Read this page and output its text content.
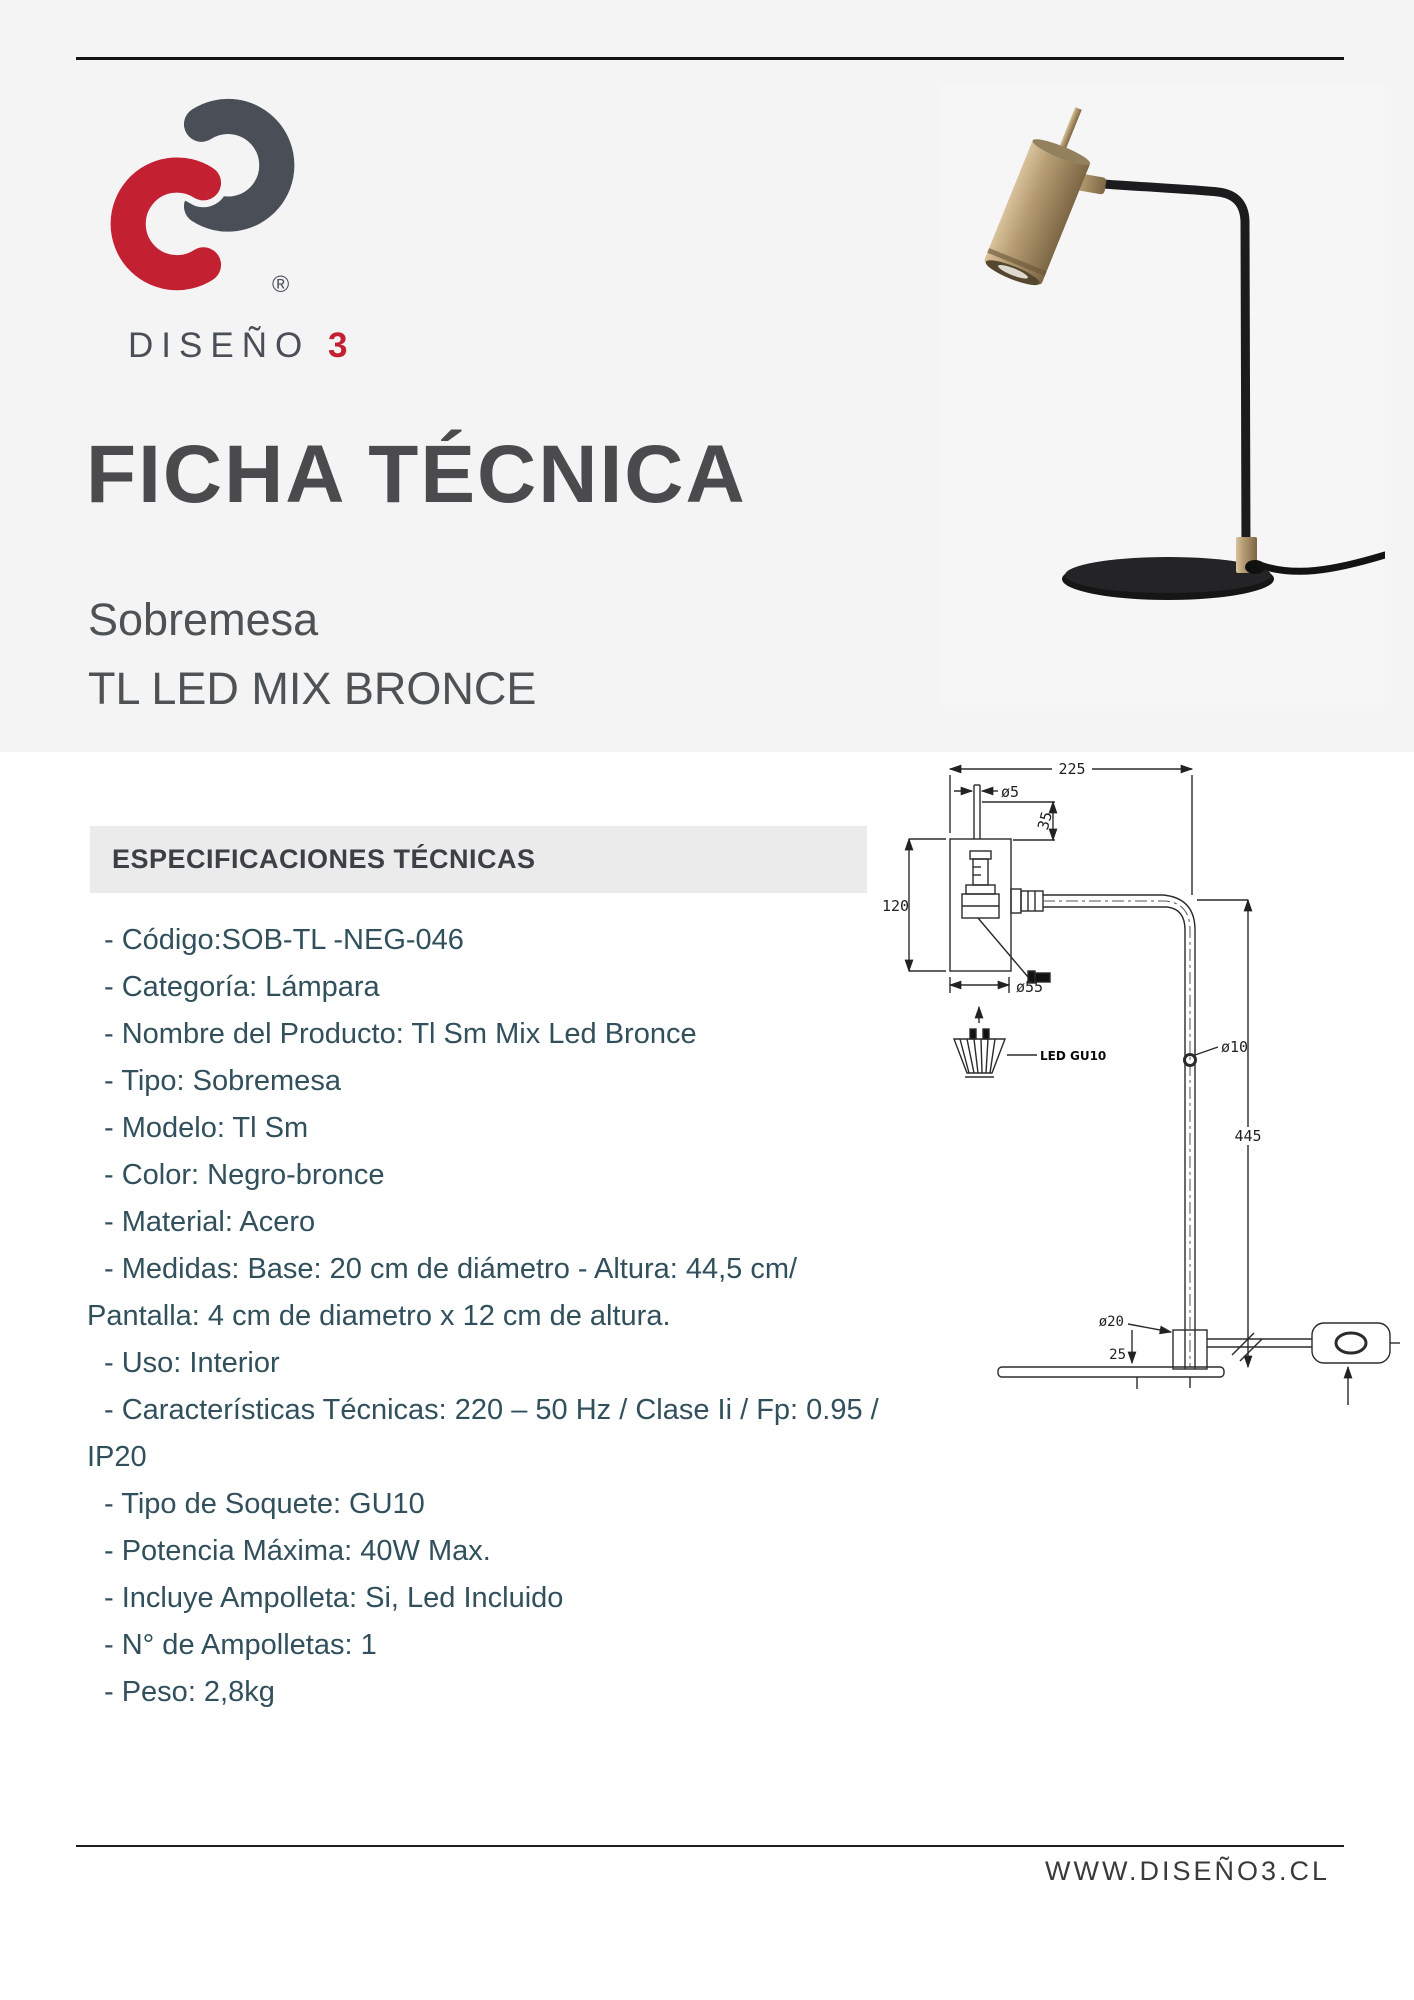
®
DISEÑO 3
FICHA TÉCNICA
Sobremesa
TL LED MIX BRONCE
ESPECIFICACIONES TÉCNICAS
- Código:SOB-TL -NEG-046
- Categoría: Lámpara
- Nombre del Producto: Tl Sm Mix Led Bronce
- Tipo: Sobremesa
- Modelo: Tl Sm
- Color: Negro-bronce
- Material: Acero
- Medidas: Base: 20 cm de diámetro - Altura: 44,5 cm/
Pantalla: 4 cm de diametro x 12 cm de altura.
- Uso: Interior
- Características Técnicas: 220 – 50 Hz / Clase Ii / Fp: 0.95 /
IP20
- Tipo de Soquete: GU10
- Potencia Máxima: 40W Max.
- Incluye Ampolleta: Si, Led Incluido
- N° de Ampolletas: 1
- Peso: 2,8kg
225
ø5
35
120
ø55
ø10
445
ø20
25
LED GU10
WWW.DISEÑO3.CL
